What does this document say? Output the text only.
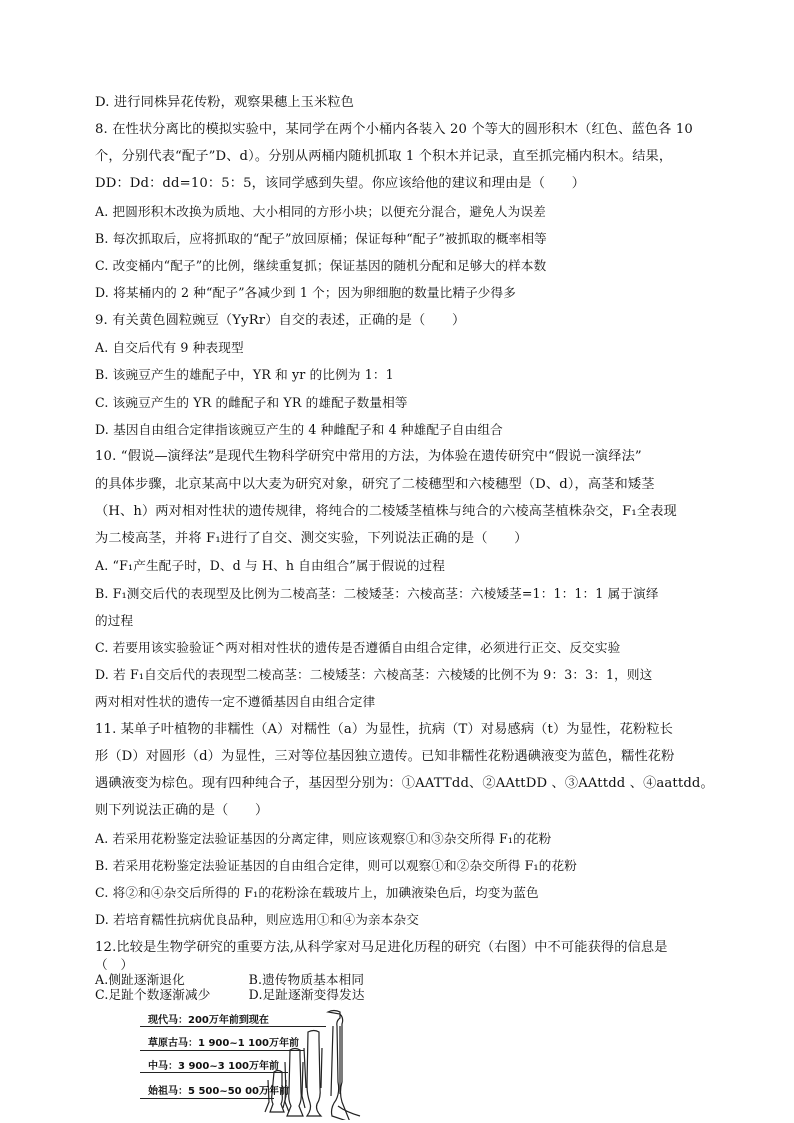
D. 进行同株异花传粉，观察果穗上玉米粒色
8. 在性状分离比的模拟实验中，某同学在两个小桶内各装入 20 个等大的圆形积木（红色、蓝色各 10
个，分别代表“配子”D、d）。分别从两桶内随机抓取 1 个积木并记录，直至抓完桶内积木。结果，
DD：Dd：dd=10：5：5，该同学感到失望。你应该给他的建议和理由是（　　）
A. 把圆形积木改换为质地、大小相同的方形小块；以便充分混合，避免人为误差
B. 每次抓取后，应将抓取的“配子”放回原桶；保证每种“配子”被抓取的概率相等
C. 改变桶内“配子”的比例，继续重复抓；保证基因的随机分配和足够大的样本数
D. 将某桶内的 2 种“配子”各减少到 1 个；因为卵细胞的数量比精子少得多
9. 有关黄色圆粒豌豆（YyRr）自交的表述，正确的是（　　）
A. 自交后代有 9 种表现型
B. 该豌豆产生的雄配子中，YR 和 yr 的比例为 1：1
C. 该豌豆产生的 YR 的雌配子和 YR 的雄配子数量相等
D. 基因自由组合定律指该豌豆产生的 4 种雌配子和 4 种雄配子自由组合
10. “假说—演绎法”是现代生物科学研究中常用的方法，为体验在遗传研究中“假说一演绎法”
的具体步骤，北京某高中以大麦为研究对象，研究了二棱穗型和六棱穗型（D、d），高茎和矮茎
（H、h）两对相对性状的遗传规律，将纯合的二棱矮茎植株与纯合的六棱高茎植株杂交，F₁全表现
为二棱高茎，并将 F₁进行了自交、测交实验，下列说法正确的是（　　）
A. “F₁产生配子时，D、d 与 H、h 自由组合”属于假说的过程
B. F₁测交后代的表现型及比例为二棱高茎：二棱矮茎：六棱高茎：六棱矮茎=1：1：1：1 属于演绎
的过程
C. 若要用该实验验证^两对相对性状的遗传是否遵循自由组合定律，必须进行正交、反交实验
D. 若 F₁自交后代的表现型二棱高茎：二棱矮茎：六棱高茎：六棱矮的比例不为 9：3：3：1，则这
两对相对性状的遗传一定不遵循基因自由组合定律
11. 某单子叶植物的非糯性（A）对糯性（a）为显性，抗病（T）对易感病（t）为显性，花粉粒长
形（D）对圆形（d）为显性，三对等位基因独立遗传。已知非糯性花粉遇碘液变为蓝色，糯性花粉
遇碘液变为棕色。现有四种纯合子，基因型分别为：①AATTdd、②AAttDD 、③AAttdd 、④aattdd。
则下列说法正确的是（　　）
A. 若采用花粉鉴定法验证基因的分离定律，则应该观察①和③杂交所得 F₁的花粉
B. 若采用花粉鉴定法验证基因的自由组合定律，则可以观察①和②杂交所得 F₁的花粉
C. 将②和④杂交后所得的 F₁的花粉涂在载玻片上，加碘液染色后，均变为蓝色
D. 若培育糯性抗病优良品种，则应选用①和④为亲本杂交
12.比较是生物学研究的重要方法,从科学家对马足进化历程的研究（右图）中不可能获得的信息是
（　）
A.侧趾逐渐退化　　　　　B.遗传物质基本相同
C.足趾个数逐渐减少　　　D.足趾逐渐变得发达
现代马：200万年前到现在
草原古马：1 900~1 100万年前
中马：3 900~3 100万年前
始祖马：5 500~50 00万年前
